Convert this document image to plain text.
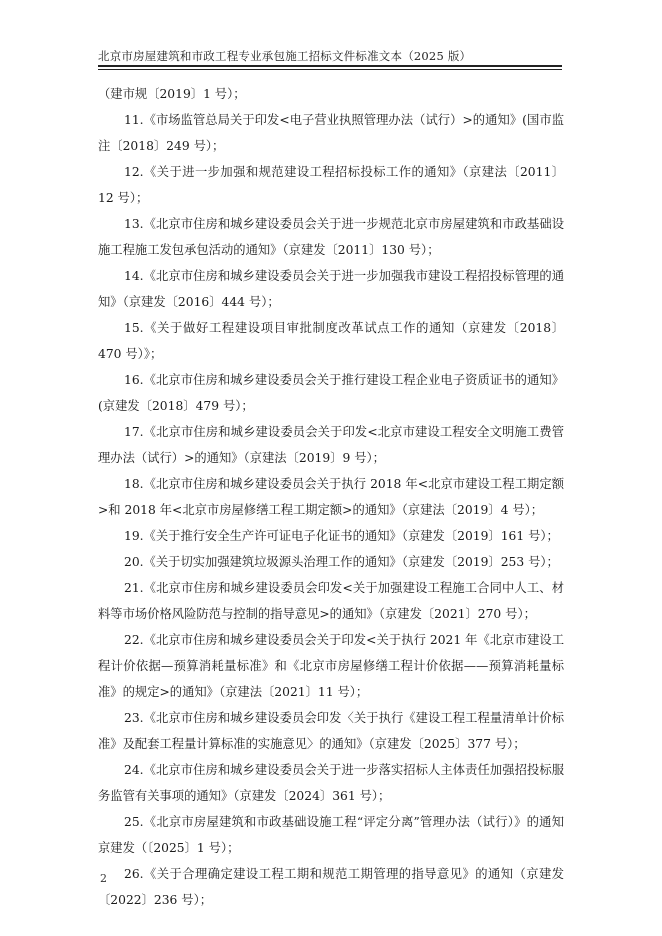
北京市房屋建筑和市政工程专业承包施工招标文件标准文本（2025 版）

（建市规〔2019〕1 号）；

11.《市场监管总局关于印发<电子营业执照管理办法（试行）>的通知》(国市监注〔2018〕249 号）；

12.《关于进一步加强和规范建设工程招标投标工作的通知》（京建法〔2011〕12 号）；

13.《北京市住房和城乡建设委员会关于进一步规范北京市房屋建筑和市政基础设施工程施工发包承包活动的通知》（京建发〔2011〕130 号）；

14.《北京市住房和城乡建设委员会关于进一步加强我市建设工程招投标管理的通知》（京建发〔2016〕444 号）；

15.《关于做好工程建设项目审批制度改革试点工作的通知（京建发〔2018〕470 号）》；

16.《北京市住房和城乡建设委员会关于推行建设工程企业电子资质证书的通知》(京建发〔2018〕479 号）；

17.《北京市住房和城乡建设委员会关于印发<北京市建设工程安全文明施工费管理办法（试行）>的通知》（京建法〔2019〕9 号）；

18.《北京市住房和城乡建设委员会关于执行 2018 年<北京市建设工程工期定额>和 2018 年<北京市房屋修缮工程工期定额>的通知》（京建法〔2019〕4 号）；

19.《关于推行安全生产许可证电子化证书的通知》（京建发〔2019〕161 号）；

20.《关于切实加强建筑垃圾源头治理工作的通知》（京建发〔2019〕253 号）；

21.《北京市住房和城乡建设委员会印发<关于加强建设工程施工合同中人工、材料等市场价格风险防范与控制的指导意见>的通知》（京建发〔2021〕270 号）；

22.《北京市住房和城乡建设委员会关于印发<关于执行 2021 年《北京市建设工程计价依据—预算消耗量标准》和《北京市房屋修缮工程计价依据——预算消耗量标准》的规定>的通知》（京建法〔2021〕11 号）；

23.《北京市住房和城乡建设委员会印发〈关于执行《建设工程工程量清单计价标准》及配套工程量计算标准的实施意见〉的通知》（京建发〔2025〕377 号）；

24.《北京市住房和城乡建设委员会关于进一步落实招标人主体责任加强招投标服务监管有关事项的通知》（京建发〔2024〕361 号）；

25.《北京市房屋建筑和市政基础设施工程“评定分离”管理办法（试行）》的通知京建发（〔2025〕1 号）；

26.《关于合理确定建设工程工期和规范工期管理的指导意见》的通知（京建发〔2022〕236 号）；

2
